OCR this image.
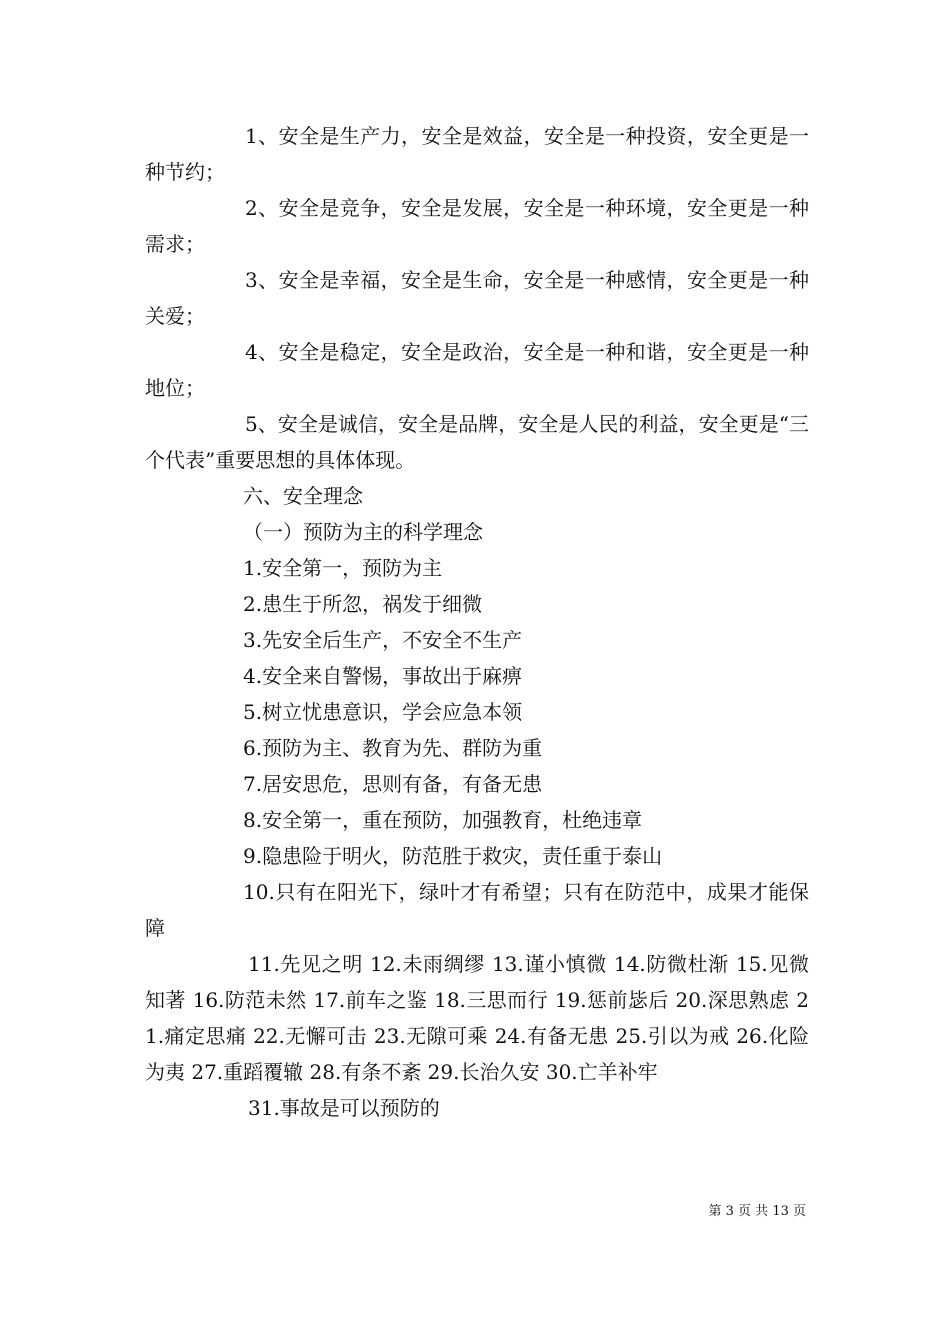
1、安全是生产力，安全是效益，安全是一种投资，安全更是一种节约；

2、安全是竞争，安全是发展，安全是一种环境，安全更是一种需求；

3、安全是幸福，安全是生命，安全是一种感情，安全更是一种关爱；

4、安全是稳定，安全是政治，安全是一种和谐，安全更是一种地位；

5、安全是诚信，安全是品牌，安全是人民的利益，安全更是“三个代表”重要思想的具体体现。

六、安全理念

（一）预防为主的科学理念

1.安全第一，预防为主

2.患生于所忽，祸发于细微

3.先安全后生产，不安全不生产

4.安全来自警惕，事故出于麻痹

5.树立忧患意识，学会应急本领

6.预防为主、教育为先、群防为重

7.居安思危，思则有备，有备无患

8.安全第一，重在预防，加强教育，杜绝违章

9.隐患险于明火，防范胜于救灾，责任重于泰山

10.只有在阳光下，绿叶才有希望；只有在防范中，成果才能保障

11.先见之明 12.未雨绸缪 13.谨小慎微 14.防微杜渐 15.见微知著 16.防范未然 17.前车之鉴 18.三思而行 19.惩前毖后 20.深思熟虑 21.痛定思痛 22.无懈可击 23.无隙可乘 24.有备无患 25.引以为戒 26.化险为夷 27.重蹈覆辙 28.有条不紊 29.长治久安 30.亡羊补牢

31.事故是可以预防的

第 3 页 共 13 页
